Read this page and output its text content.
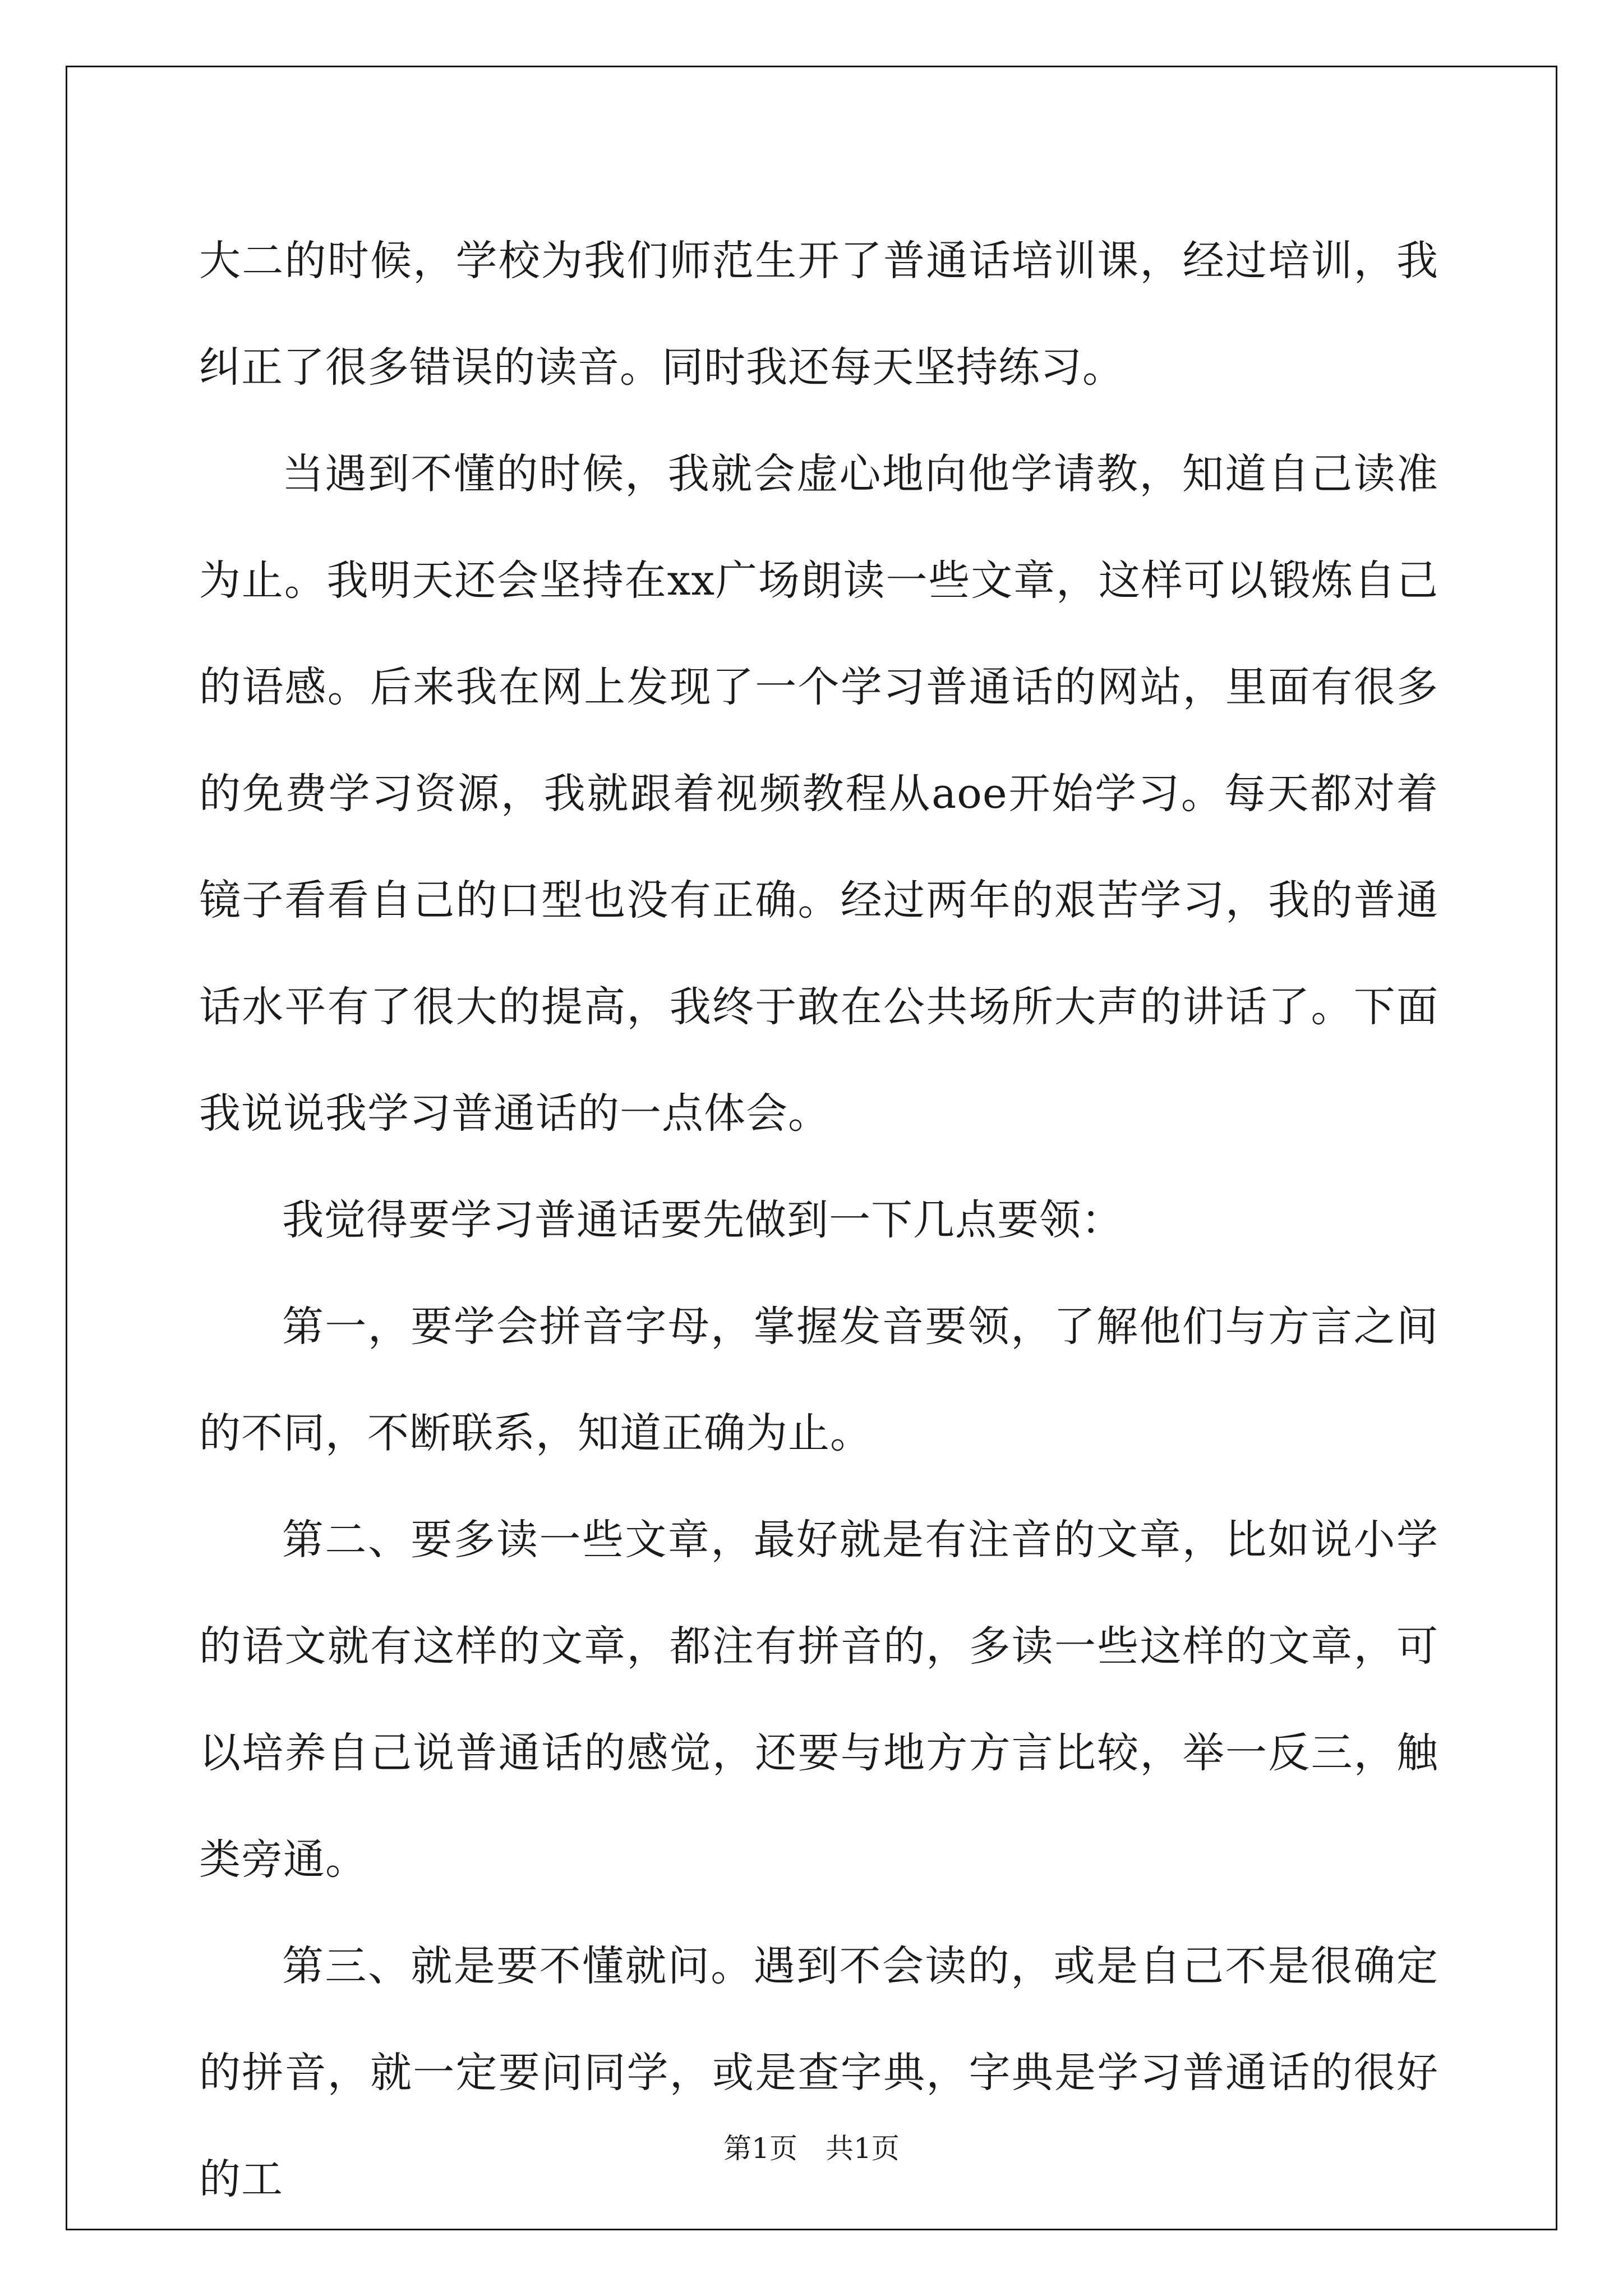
大二的时候，学校为我们师范生开了普通话培训课，经过培训，我纠正了很多错误的读音。同时我还每天坚持练习。

当遇到不懂的时候，我就会虚心地向他学请教，知道自己读准为止。我明天还会坚持在xx广场朗读一些文章，这样可以锻炼自己的语感。后来我在网上发现了一个学习普通话的网站，里面有很多的免费学习资源，我就跟着视频教程从aoe开始学习。每天都对着镜子看看自己的口型也没有正确。经过两年的艰苦学习，我的普通话水平有了很大的提高，我终于敢在公共场所大声的讲话了。下面我说说我学习普通话的一点体会。

我觉得要学习普通话要先做到一下几点要领：

第一，要学会拼音字母，掌握发音要领，了解他们与方言之间的不同，不断联系，知道正确为止。

第二、要多读一些文章，最好就是有注音的文章，比如说小学的语文就有这样的文章，都注有拼音的，多读一些这样的文章，可以培养自己说普通话的感觉，还要与地方方言比较，举一反三，触类旁通。

第三、就是要不懂就问。遇到不会读的，或是自己不是很确定的拼音，就一定要问同学，或是查字典，字典是学习普通话的很好的工

第1页 共1页
